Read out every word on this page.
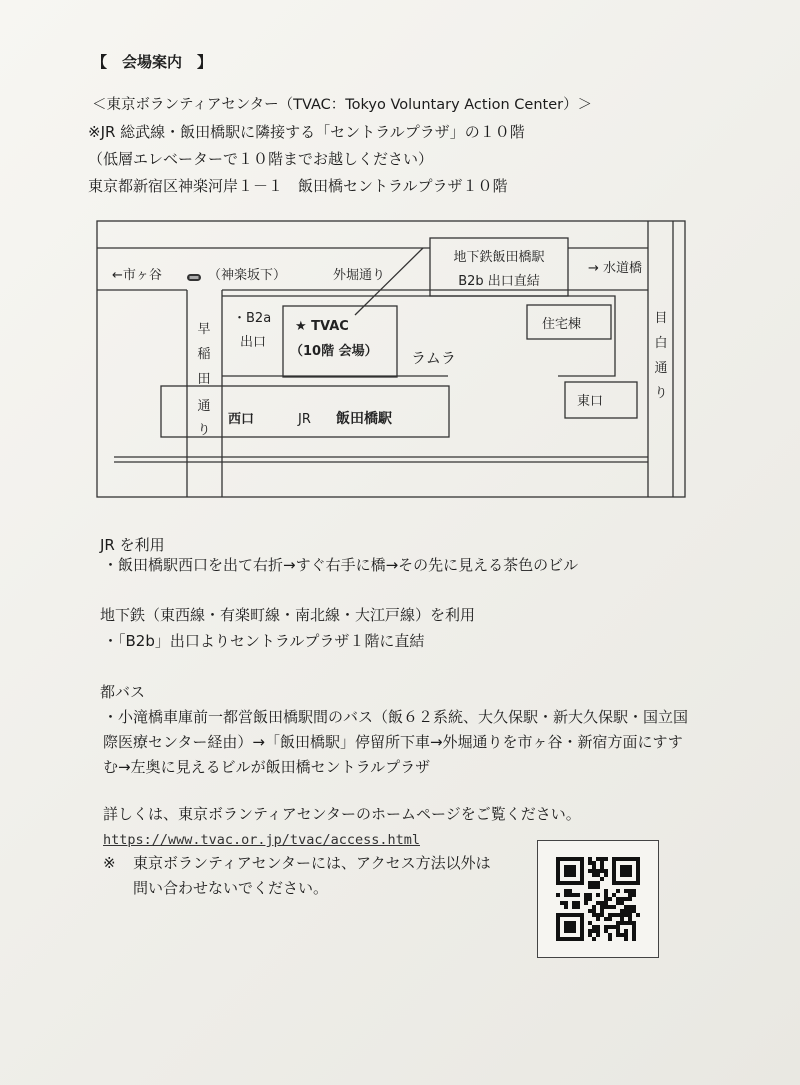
【　会場案内　】
＜東京ボランティアセンター（TVAC：Tokyo Voluntary Action Center）＞
※JR 総武線・飯田橋駅に隣接する「セントラルプラザ」の１０階
（低層エレベーターで１０階までお越しください）
東京都新宿区神楽河岸１－１　飯田橋セントラルプラザ１０階
←市ヶ谷	（神楽坂下）	外堀通り
地下鉄飯田橋駅
B2b 出口直結
→ 水道橋
・B2a
出口
★ TVAC
（10階 会場） ラムラ
住宅棟
西口	JR 飯田橋駅
東口
早
稲
田
通
り
目
白
通
り
JR を利用
・飯田橋駅西口を出て右折→すぐ右手に橋→その先に見える茶色のビル
地下鉄（東西線・有楽町線・南北線・大江戸線）を利用
・「B2b」出口よりセントラルプラザ１階に直結
都バス
・小滝橋車庫前一都営飯田橋駅間のバス（飯６２系統、大久保駅・新大久保駅・国立国
際医療センター経由）→「飯田橋駅」停留所下車→外堀通りを市ヶ谷・新宿方面にすす
む→左奥に見えるビルが飯田橋セントラルプラザ
詳しくは、東京ボランティアセンターのホームページをご覧ください。
https://www.tvac.or.jp/tvac/access.html
※ 東京ボランティアセンターには、アクセス方法以外は
問い合わせないでください。
